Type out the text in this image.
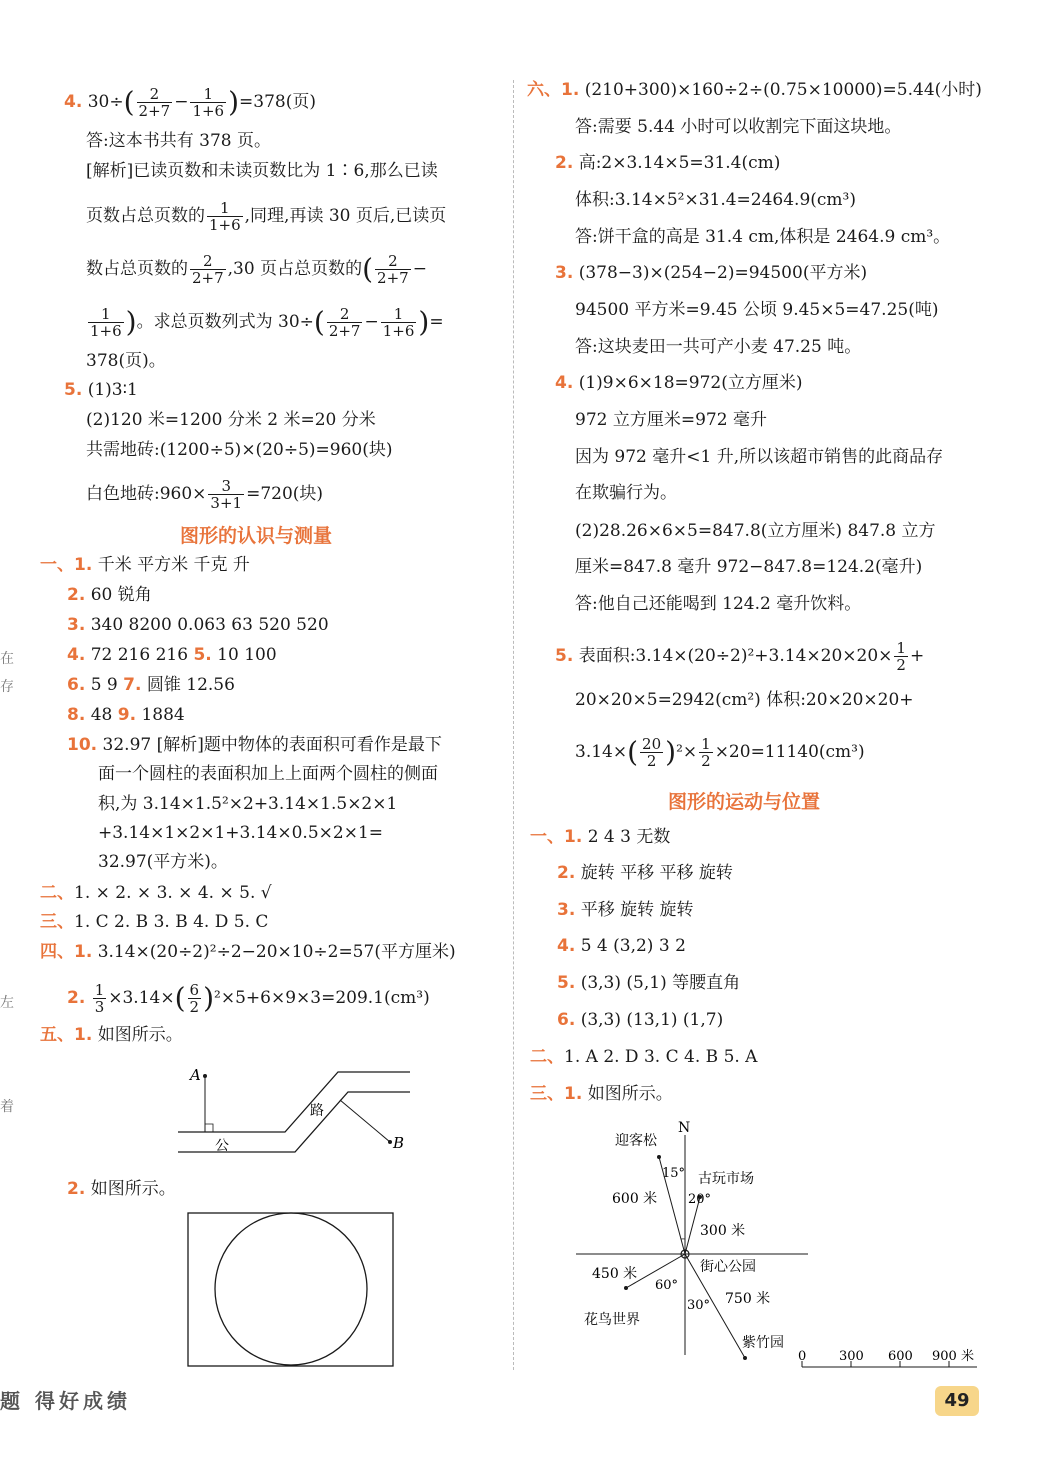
在
存
左
着
4. $30\div( \frac{2}{2+7} - \frac{1}{1+6} )=378$(页)
答:这本书共有 378 页。
[解析]已读页数和未读页数比为 1∶6,那么已读
页数占总页数的 $\frac{1}{1+6}$ ,同理,再读 30 页后,已读页
数占总页数的 $\frac{2}{2+7} ,30$ 页占总页数的( $\frac{2}{2+7}$ −
$\frac{1}{1+6}$ )。求总页数列式为 $30\div( \frac{2}{2+7} - \frac{1}{1+6}$ )=
378(页)。
5. (1)3∶1
(2)120 米=1200 分米 2 米=20 分米
共需地砖:(1200÷5)×(20÷5)=960(块)
白色地砖:960× $\frac{3}{3+1} =720$(块)
图形的认识与测量
一、1. 千米 平方米 千克 升
2. 60 锐角
3. 340 8200 0.063 63 520 520
4. 72 216 216 5. 10 100
6. 5 9 7. 圆锥 12.56
8. 48 9. 1884
10. 32.97 [解析]题中物体的表面积可看作是最下
面一个圆柱的表面积加上上面两个圆柱的侧面
积,为 3.14×1.5²×2+3.14×1.5×2×1
+3.14×1×2×1+3.14×0.5×2×1=
32.97(平方米)。
二、1. × 2. × 3. × 4. × 5. √
三、1. C 2. B 3. B 4. D 5. C
四、1. 3.14×(20÷2)²÷2−20×10÷2=57(平方厘米)
2. $\frac{1}{3} \times 3.14\times( \frac{6}{2} )^2\times 5+6\times 9\times 3=209.1(cm^3)$
五、1. 如图所示。
A
B
公
路
2. 如图所示。
六、1. (210+300)×160÷2÷(0.75×10000)=5.44(小时)
答:需要 5.44 小时可以收割完下面这块地。
2. 高:2×3.14×5=31.4(cm)
体积:3.14×5²×31.4=2464.9(cm³)
答:饼干盒的高是 31.4 cm,体积是 2464.9 cm³。
3. (378−3)×(254−2)=94500(平方米)
94500 平方米=9.45 公顷 9.45×5=47.25(吨)
答:这块麦田一共可产小麦 47.25 吨。
4. (1)9×6×18=972(立方厘米)
972 立方厘米=972 毫升
因为 972 毫升<1 升,所以该超市销售的此商品存
在欺骗行为。
(2)28.26×6×5=847.8(立方厘米) 847.8 立方
厘米=847.8 毫升 972−847.8=124.2(毫升)
答:他自己还能喝到 124.2 毫升饮料。
5. 表面积:3.14×(20÷2)²+3.14×20×20× $\frac{1}{2}$ +
20×20×5=2942(cm²) 体积:20×20×20+
$3.14\times( \frac{20}{2} )^2\times \frac{1}{2} \times 20=11140(cm^3)$
图形的运动与位置
一、1. 2 4 3 无数
2. 旋转 平移 平移 旋转
3. 平移 旋转 旋转
4. 5 4 (3,2) 3 2
5. (3,3) (5,1) 等腰直角
6. (3,3) (13,1) (1,7)
二、1. A 2. D 3. C 4. B 5. A
三、1. 如图所示。
N
迎客松
古玩市场
15°
20°
600 米
300 米
街心公园
450 米
60°
750 米
花鸟世界
30°
紫竹园
0	300 600 900 米
题 得好成绩	49
